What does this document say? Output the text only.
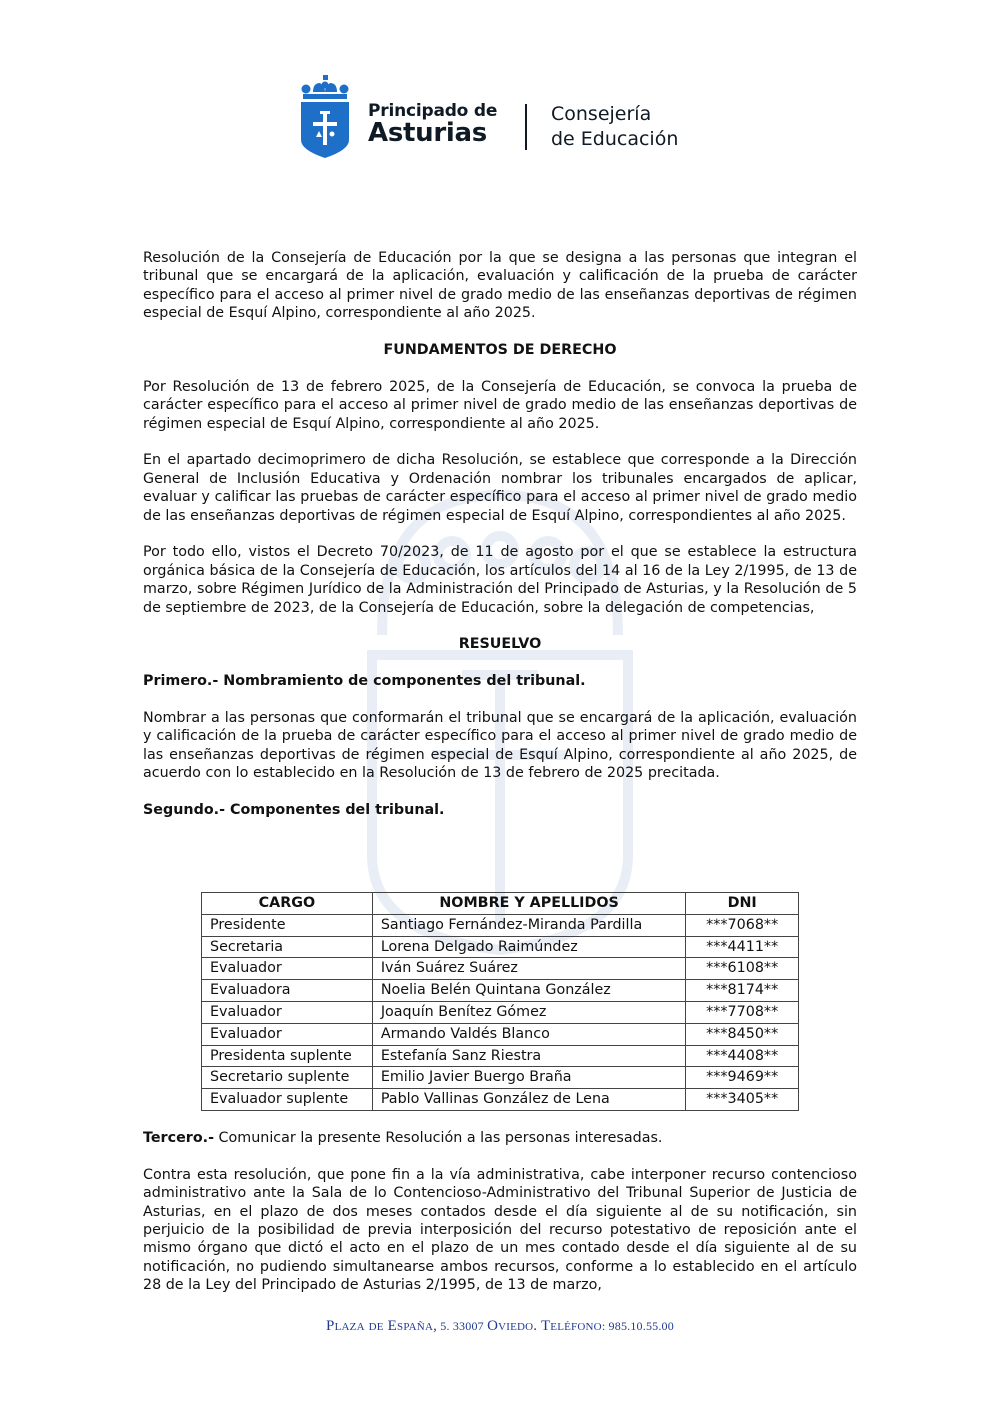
Principado de
Asturias
Consejería
de Educación

Resolución de la Consejería de Educación por la que se designa a las personas que integran el tribunal que se encargará de la aplicación, evaluación y calificación de la prueba de carácter específico para el acceso al primer nivel de grado medio de las enseñanzas deportivas de régimen especial de Esquí Alpino, correspondiente al año 2025.

FUNDAMENTOS DE DERECHO

Por Resolución de 13 de febrero 2025, de la Consejería de Educación, se convoca la prueba de carácter específico para el acceso al primer nivel de grado medio de las enseñanzas deportivas de régimen especial de Esquí Alpino, correspondiente al año 2025.

En el apartado decimoprimero de dicha Resolución, se establece que corresponde a la Dirección General de Inclusión Educativa y Ordenación nombrar los tribunales encargados de aplicar, evaluar y calificar las pruebas de carácter específico para el acceso al primer nivel de grado medio de las enseñanzas deportivas de régimen especial de Esquí Alpino, correspondientes al año 2025.

Por todo ello, vistos el Decreto 70/2023, de 11 de agosto por el que se establece la estructura orgánica básica de la Consejería de Educación, los artículos del 14 al 16 de la Ley 2/1995, de 13 de marzo, sobre Régimen Jurídico de la Administración del Principado de Asturias, y la Resolución de 5 de septiembre de 2023, de la Consejería de Educación, sobre la delegación de competencias,

RESUELVO

Primero.- Nombramiento de componentes del tribunal.

Nombrar a las personas que conformarán el tribunal que se encargará de la aplicación, evaluación y calificación de la prueba de carácter específico para el acceso al primer nivel de grado medio de las enseñanzas deportivas de régimen especial de Esquí Alpino, correspondiente al año 2025, de acuerdo con lo establecido en la Resolución de 13 de febrero de 2025 precitada.

Segundo.- Componentes del tribunal.

CARGO	NOMBRE Y APELLIDOS	DNI
Presidente	Santiago Fernández-Miranda Pardilla	***7068**
Secretaria	Lorena Delgado Raimúndez	***4411**
Evaluador	Iván Suárez Suárez	***6108**
Evaluadora	Noelia Belén Quintana González	***8174**
Evaluador	Joaquín Benítez Gómez	***7708**
Evaluador	Armando Valdés Blanco	***8450**
Presidenta suplente	Estefanía Sanz Riestra	***4408**
Secretario suplente	Emilio Javier Buergo Braña	***9469**
Evaluador suplente	Pablo Vallinas González de Lena	***3405**

Tercero.- Comunicar la presente Resolución a las personas interesadas.

Contra esta resolución, que pone fin a la vía administrativa, cabe interponer recurso contencioso administrativo ante la Sala de lo Contencioso-Administrativo del Tribunal Superior de Justicia de Asturias, en el plazo de dos meses contados desde el día siguiente al de su notificación, sin perjuicio de la posibilidad de previa interposición del recurso potestativo de reposición ante el mismo órgano que dictó el acto en el plazo de un mes contado desde el día siguiente al de su notificación, no pudiendo simultanearse ambos recursos, conforme a lo establecido en el artículo 28 de la Ley del Principado de Asturias 2/1995, de 13 de marzo,

Plaza de España, 5. 33007 Oviedo. Teléfono: 985.10.55.00
